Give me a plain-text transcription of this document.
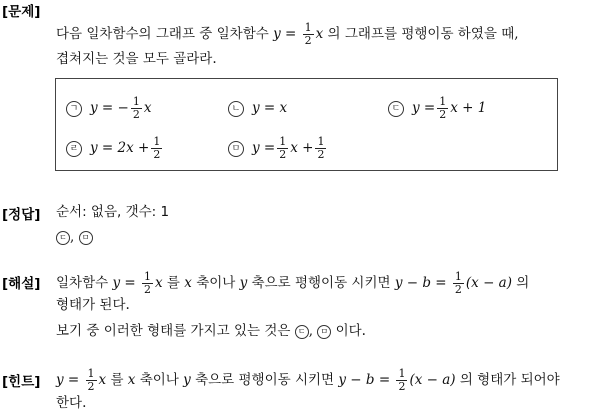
[문제]
다음 일차함수의 그래프 중 일차함수 $y = \frac{1}{2}$ x 의 그래프를 평행이동 하였을 때,
겹쳐지는 것을 모두 골라라.
ㄱ y = − $\frac{1}{2}$ x	ㄴ y = x	ㄷ $y = \frac{1}{2}$ x + 1
ㄹ $y = 2x + \frac{1}{2}$	ㅁ $y = \frac{1}{2}$ $x + \frac{1}{2}$
[정답] 순서: 없음, 갯수: 1
ㄷ , ㅁ
[해설] 일차함수 $y = \frac{1}{2}$ x 를 x 축이나 y 축으로 평행이동 시키면 $y - b = \frac{1}{2} (x - a)$ 의
형태가 된다.
보기 중 이러한 형태를 가지고 있는 것은 ㄷ , ㅁ 이다.
[힌트] $y = \frac{1}{2}$ x 를 x 축이나 y 축으로 평행이동 시키면 $y - b = \frac{1}{2} (x - a)$ 의 형태가 되어야
한다.
